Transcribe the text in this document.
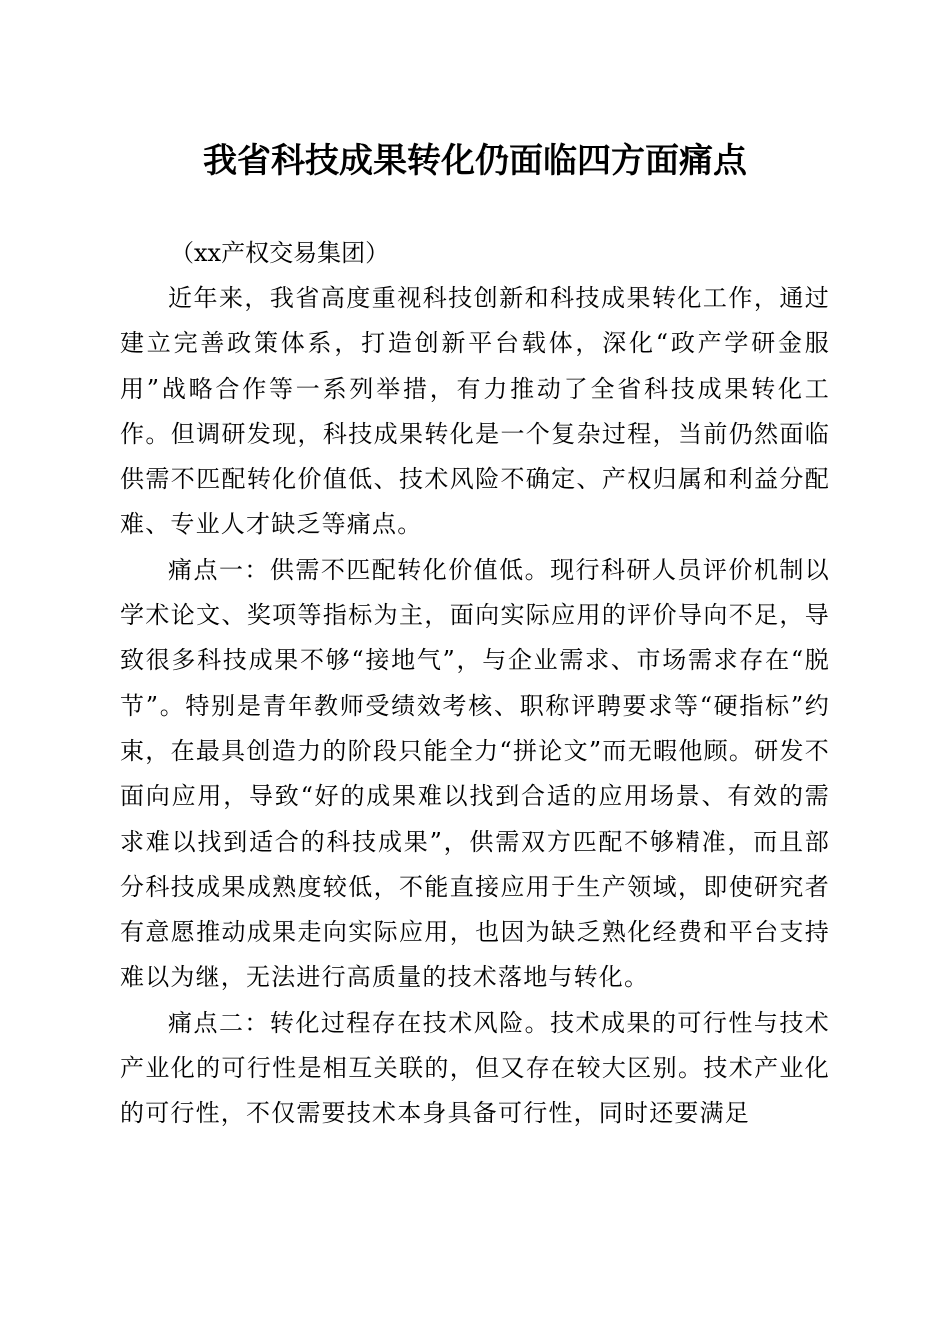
我省科技成果转化仍面临四方面痛点

（xx产权交易集团）

近年来，我省高度重视科技创新和科技成果转化工作，通过建立完善政策体系，打造创新平台载体，深化“政产学研金服用”战略合作等一系列举措，有力推动了全省科技成果转化工作。但调研发现，科技成果转化是一个复杂过程，当前仍然面临供需不匹配转化价值低、技术风险不确定、产权归属和利益分配难、专业人才缺乏等痛点。

痛点一：供需不匹配转化价值低。现行科研人员评价机制以学术论文、奖项等指标为主，面向实际应用的评价导向不足，导致很多科技成果不够“接地气”，与企业需求、市场需求存在“脱节”。特别是青年教师受绩效考核、职称评聘要求等“硬指标”约束，在最具创造力的阶段只能全力“拼论文”而无暇他顾。研发不面向应用，导致“好的成果难以找到合适的应用场景、有效的需求难以找到适合的科技成果”，供需双方匹配不够精准，而且部分科技成果成熟度较低，不能直接应用于生产领域，即使研究者有意愿推动成果走向实际应用，也因为缺乏熟化经费和平台支持难以为继，无法进行高质量的技术落地与转化。

痛点二：转化过程存在技术风险。技术成果的可行性与技术产业化的可行性是相互关联的，但又存在较大区别。技术产业化的可行性，不仅需要技术本身具备可行性，同时还要满足
